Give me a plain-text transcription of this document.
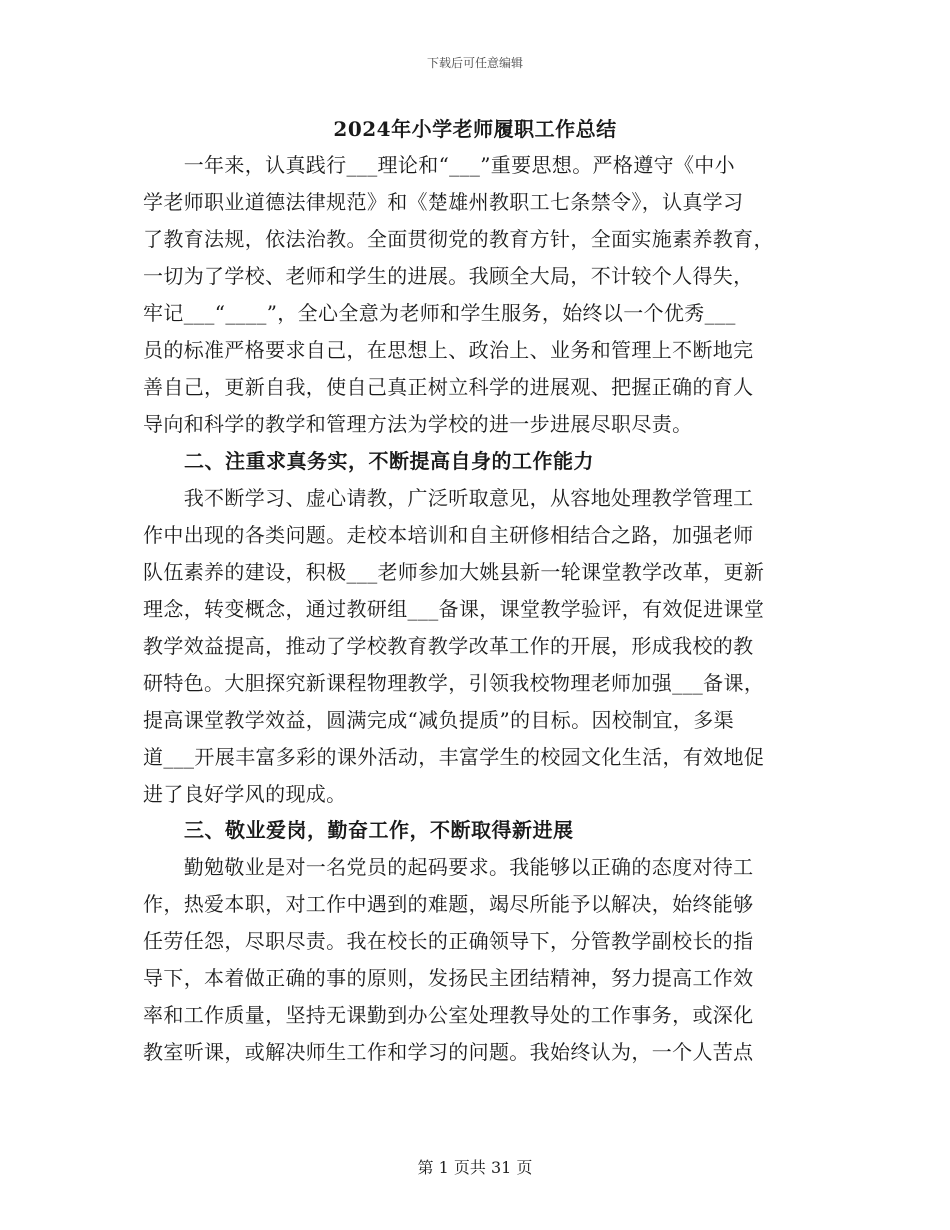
下载后可任意编辑
2024年小学老师履职工作总结
　　一年来，认真践行___理论和“___”重要思想。严格遵守《中小
学老师职业道德法律规范》和《楚雄州教职工七条禁令》，认真学习
了教育法规，依法治教。全面贯彻党的教育方针，全面实施素养教育，
一切为了学校、老师和学生的进展。我顾全大局，不计较个人得失，
牢记___“____”，全心全意为老师和学生服务，始终以一个优秀___
员的标准严格要求自己，在思想上、政治上、业务和管理上不断地完
善自己，更新自我，使自己真正树立科学的进展观、把握正确的育人
导向和科学的教学和管理方法为学校的进一步进展尽职尽责。
　　二、注重求真务实，不断提高自身的工作能力
　　我不断学习、虚心请教，广泛听取意见，从容地处理教学管理工
作中出现的各类问题。走校本培训和自主研修相结合之路，加强老师
队伍素养的建设，积极___老师参加大姚县新一轮课堂教学改革，更新
理念，转变概念，通过教研组___备课，课堂教学验评，有效促进课堂
教学效益提高，推动了学校教育教学改革工作的开展，形成我校的教
研特色。大胆探究新课程物理教学，引领我校物理老师加强___备课，
提高课堂教学效益，圆满完成“减负提质”的目标。因校制宜，多渠
道___开展丰富多彩的课外活动，丰富学生的校园文化生活，有效地促
进了良好学风的现成。
　　三、敬业爱岗，勤奋工作，不断取得新进展
　　勤勉敬业是对一名党员的起码要求。我能够以正确的态度对待工
作，热爱本职，对工作中遇到的难题，竭尽所能予以解决，始终能够
任劳任怨，尽职尽责。我在校长的正确领导下，分管教学副校长的指
导下，本着做正确的事的原则，发扬民主团结精神，努力提高工作效
率和工作质量，坚持无课勤到办公室处理教导处的工作事务，或深化
教室听课，或解决师生工作和学习的问题。我始终认为，一个人苦点
第 1 页共 31 页
